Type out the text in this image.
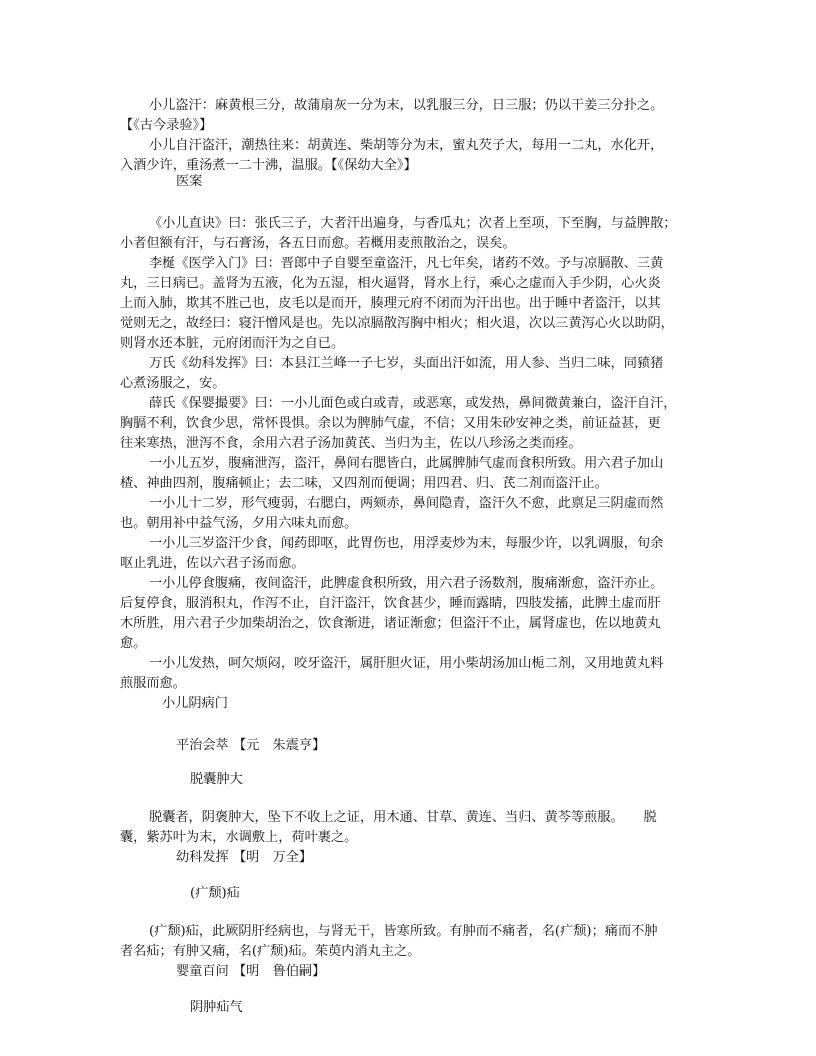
小儿盗汗：麻黄根三分，故蒲扇灰一分为末，以乳服三分，日三服；仍以干姜三分扑之。

【《古今录验》】

小儿自汗盗汗，潮热往来：胡黄连、柴胡等分为末，蜜丸芡子大，每用一二丸，水化开，

入酒少许，重汤煮一二十沸，温服。【《保幼大全》】

医案

《小儿直诀》曰：张氏三子，大者汗出遍身，与香瓜丸；次者上至项，下至胸，与益脾散；

小者但额有汗，与石膏汤，各五日而愈。若概用麦煎散治之，误矣。

李梴《医学入门》曰：晋郎中子自婴至童盗汗，凡七年矣，诸药不效。予与凉膈散、三黄

丸，三日病已。盖肾为五液，化为五湿，相火逼肾，肾水上行，乘心之虚而入手少阴，心火炎

上而入肺，欺其不胜己也，皮毛以是而开，腠理元府不闭而为汗出也。出于睡中者盗汗，以其

觉则无之，故经曰：寝汗憎风是也。先以凉膈散泻胸中相火；相火退，次以三黄泻心火以助阴，

则肾水还本脏，元府闭而汗为之自已。

万氏《幼科发挥》曰：本县江兰峰一子七岁，头面出汗如流，用人参、当归二味，同豮猪

心煮汤服之，安。

薛氏《保婴撮要》曰：一小儿面色或白或青，或恶寒，或发热，鼻间微黄兼白，盗汗自汗，

胸膈不利，饮食少思，常怀畏惧。余以为脾肺气虚，不信；又用朱砂安神之类，前证益甚，更

往来寒热，泄泻不食，余用六君子汤加黄芪、当归为主，佐以八珍汤之类而痊。

一小儿五岁，腹痛泄泻，盗汗，鼻间右腮皆白，此属脾肺气虚而食积所致。用六君子加山

楂、神曲四剂，腹痛顿止；去二味，又四剂而便调；用四君、归、芪二剂而盗汗止。

一小儿十二岁，形气瘦弱，右腮白，两颏赤，鼻间隐青，盗汗久不愈，此禀足三阴虚而然

也。朝用补中益气汤，夕用六味丸而愈。

一小儿三岁盗汗少食，闻药即呕，此胃伤也，用浮麦炒为末，每服少许，以乳调服，旬余

呕止乳进，佐以六君子汤而愈。

一小儿停食腹痛，夜间盗汗，此脾虚食积所致，用六君子汤数剂，腹痛渐愈，盗汗亦止。

后复停食，服消积丸，作泻不止，自汗盗汗，饮食甚少，睡而露睛，四肢发搐，此脾土虚而肝

木所胜，用六君子少加柴胡治之，饮食渐进，诸证渐愈；但盗汗不止，属肾虚也，佐以地黄丸

愈。

一小儿发热，呵欠烦闷，咬牙盗汗，属肝胆火证，用小柴胡汤加山栀二剂，又用地黄丸料

煎服而愈。

小儿阴病门

平治会萃 【元　朱震亨】

脱囊肿大

脱囊者，阴褒肿大，坠下不收上之证，用木通、甘草、黄连、当归、黄芩等煎服。　　脱

囊，紫苏叶为末，水调敷上，荷叶裹之。

幼科发挥 【明　万全】

(疒颓)疝

(疒颓)疝，此厥阴肝经病也，与肾无干，皆寒所致。有肿而不痛者，名(疒颓)；痛而不肿

者名疝；有肿又痛，名(疒颓)疝。茱萸内消丸主之。

婴童百问 【明　鲁伯嗣】

阴肿疝气
